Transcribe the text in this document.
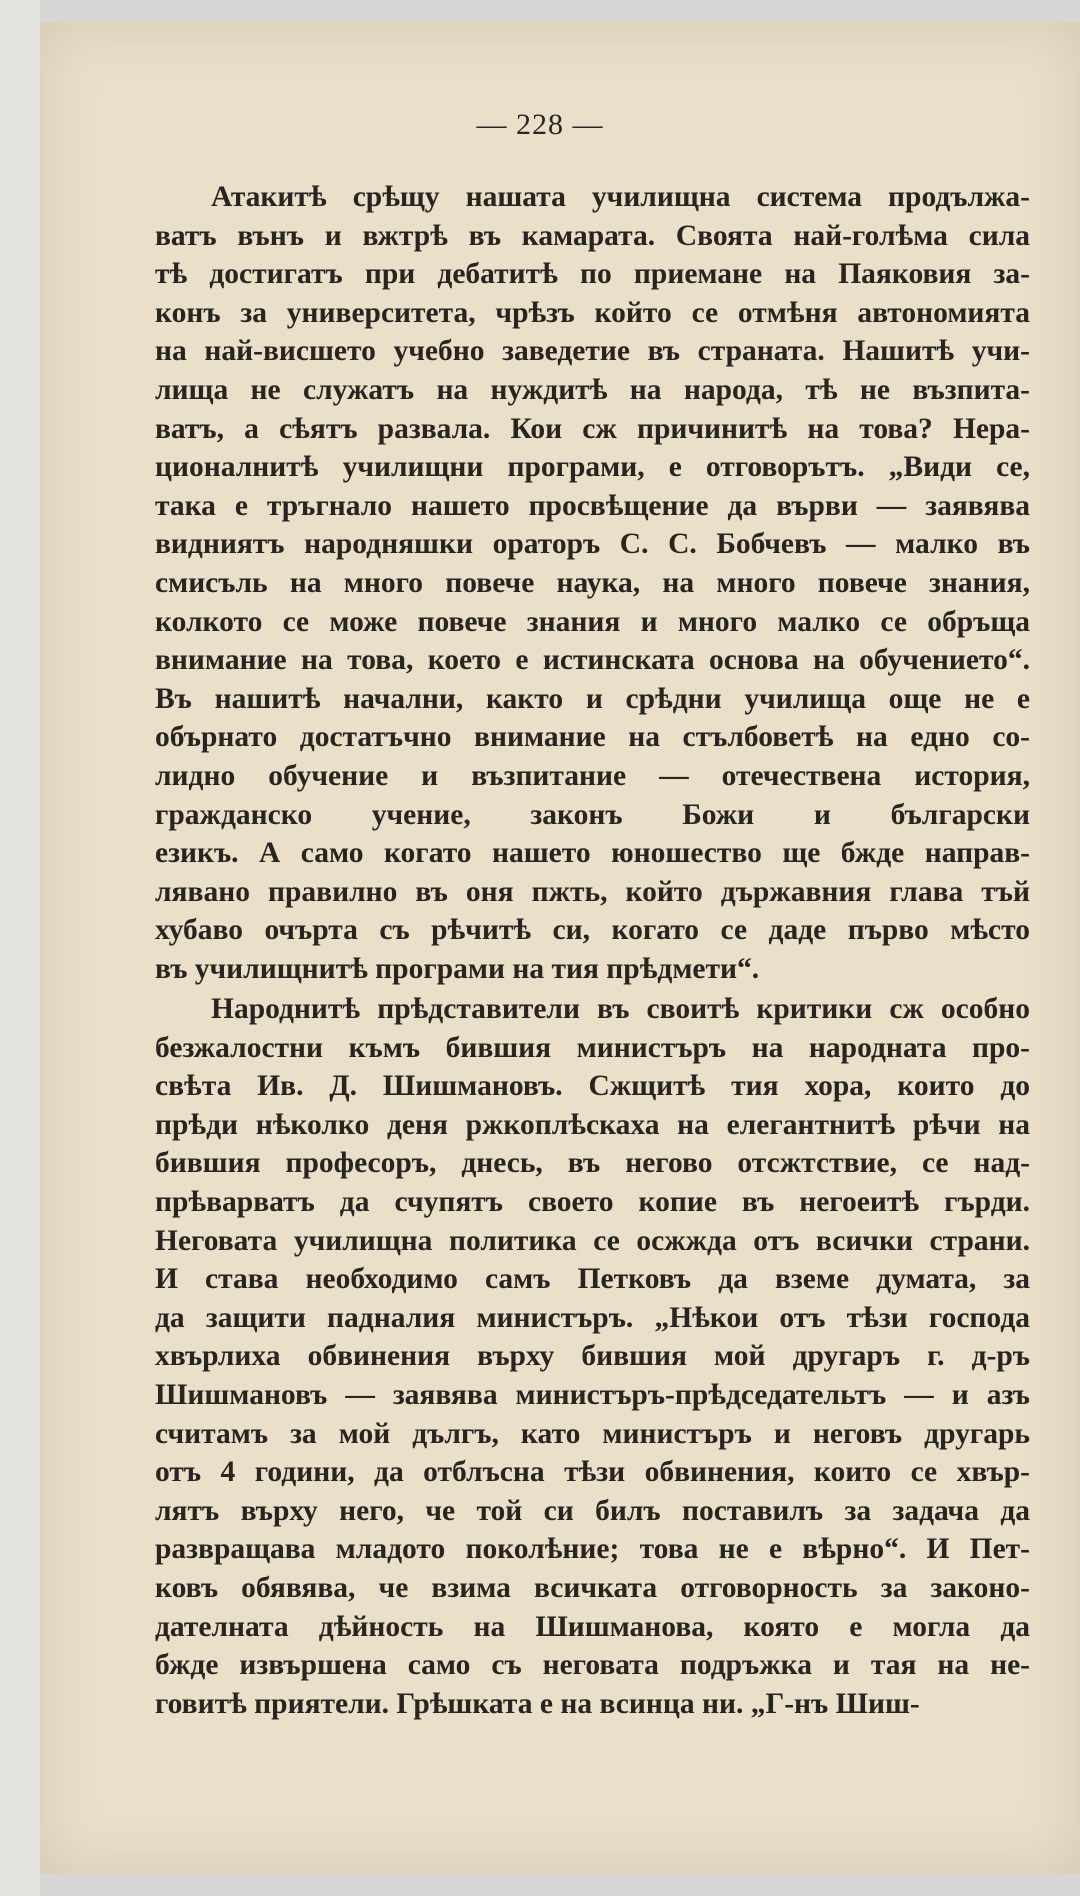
— 228 —
Атакитѣ срѣщу нашата училищна система продължа-
ватъ вънъ и вжтрѣ въ камарата. Своята най-голѣма сила
тѣ достигатъ при дебатитѣ по приемане на Паяковия за-
конъ за университета, чрѣзъ който се отмѣня автономията
на най-висшето учебно заведетие въ страната. Нашитѣ учи-
лища не служатъ на нуждитѣ на народа, тѣ не възпита-
ватъ, а сѣятъ развала. Кои сж причинитѣ на това? Нера-
ционалнитѣ училищни програми, е отговорътъ. „Види се,
така е тръгнало нашето просвѣщение да върви — заявява
видниятъ народняшки ораторъ С. С. Бобчевъ — малко въ
смисъль на много повече наука, на много повече знания,
колкото се може повече знания и много малко се обръща
внимание на това, което е истинската основа на обучението“.
Въ нашитѣ начални, както и срѣдни училища още не е
обърнато достатъчно внимание на стълбоветѣ на едно со-
лидно обучение и възпитание — отечествена история,
гражданско учение, законъ Божи и български
езикъ. А само когато нашето юношество ще бжде направ-
лявано правилно въ оня пжть, който държавния глава тъй
хубаво очърта съ рѣчитѣ си, когато се даде първо мѣсто
въ училищнитѣ програми на тия прѣдмети“.
Народнитѣ прѣдставители въ своитѣ критики сж особно
безжалостни къмъ бившия министъръ на народната про-
свѣта Ив. Д. Шишмановъ. Сжщитѣ тия хора, които до
прѣди нѣколко деня ржкоплѣскаха на елегантнитѣ рѣчи на
бившия професоръ, днесь, въ негово отсжтствие, се над-
прѣварватъ да счупятъ своето копие въ негоеитѣ гърди.
Неговата училищна политика се осжжда отъ всички страни.
И става необходимо самъ Петковъ да вземе думата, за
да защити падналия министъръ. „Нѣкои отъ тѣзи господа
хвърлиха обвинения върху бившия мой другаръ г. д-ръ
Шишмановъ — заявява министъръ-прѣдседательтъ — и азъ
считамъ за мой дългъ, като министъръ и неговъ другарь
отъ 4 години, да отблъсна тѣзи обвинения, които се хвър-
лятъ върху него, че той си билъ поставилъ за задача да
развращава младото поколѣние; това не е вѣрно“. И Пет-
ковъ обявява, че взима всичката отговорность за законо-
дателната дѣйность на Шишманова, която е могла да
бжде извършена само съ неговата подръжка и тая на не-
говитѣ приятели. Грѣшката е на всинца ни. „Г-нъ Шиш-
